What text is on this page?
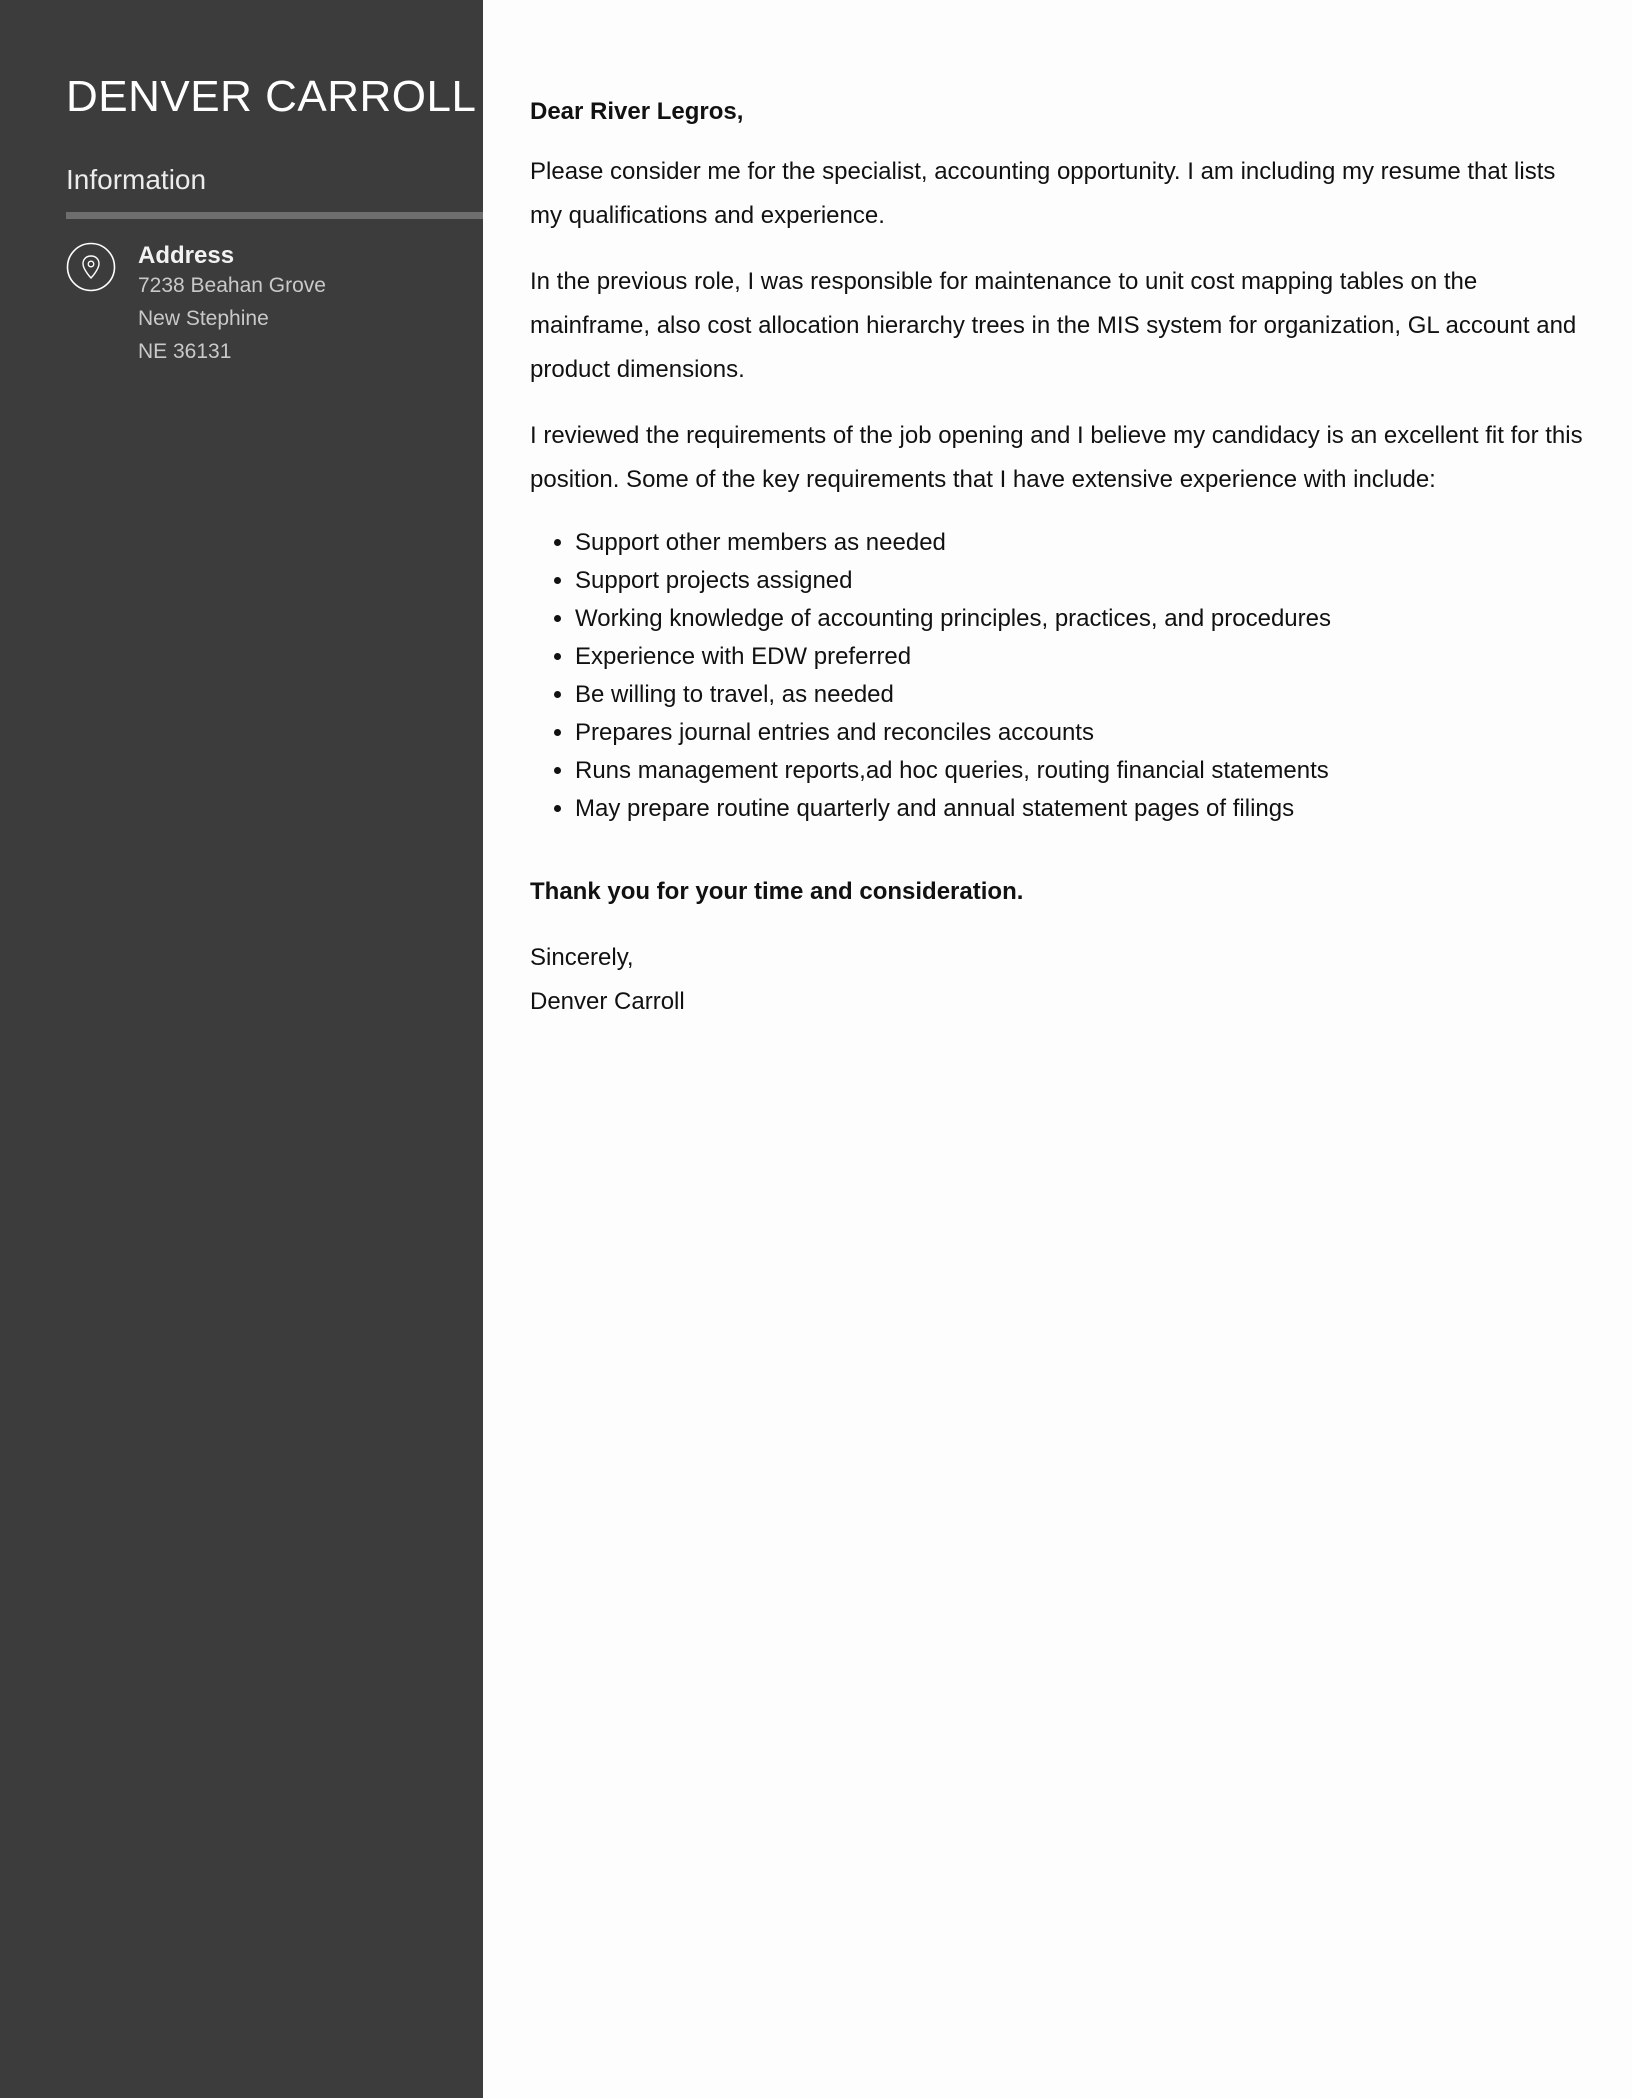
DENVER CARROLL
Information
Address
7238 Beahan Grove
New Stephine
NE 36131

Dear River Legros,

Please consider me for the specialist, accounting opportunity. I am including my resume that lists my qualifications and experience.

In the previous role, I was responsible for maintenance to unit cost mapping tables on the mainframe, also cost allocation hierarchy trees in the MIS system for organization, GL account and product dimensions.

I reviewed the requirements of the job opening and I believe my candidacy is an excellent fit for this position. Some of the key requirements that I have extensive experience with include:

• Support other members as needed
• Support projects assigned
• Working knowledge of accounting principles, practices, and procedures
• Experience with EDW preferred
• Be willing to travel, as needed
• Prepares journal entries and reconciles accounts
• Runs management reports,ad hoc queries, routing financial statements
• May prepare routine quarterly and annual statement pages of filings

Thank you for your time and consideration.

Sincerely,

Denver Carroll
